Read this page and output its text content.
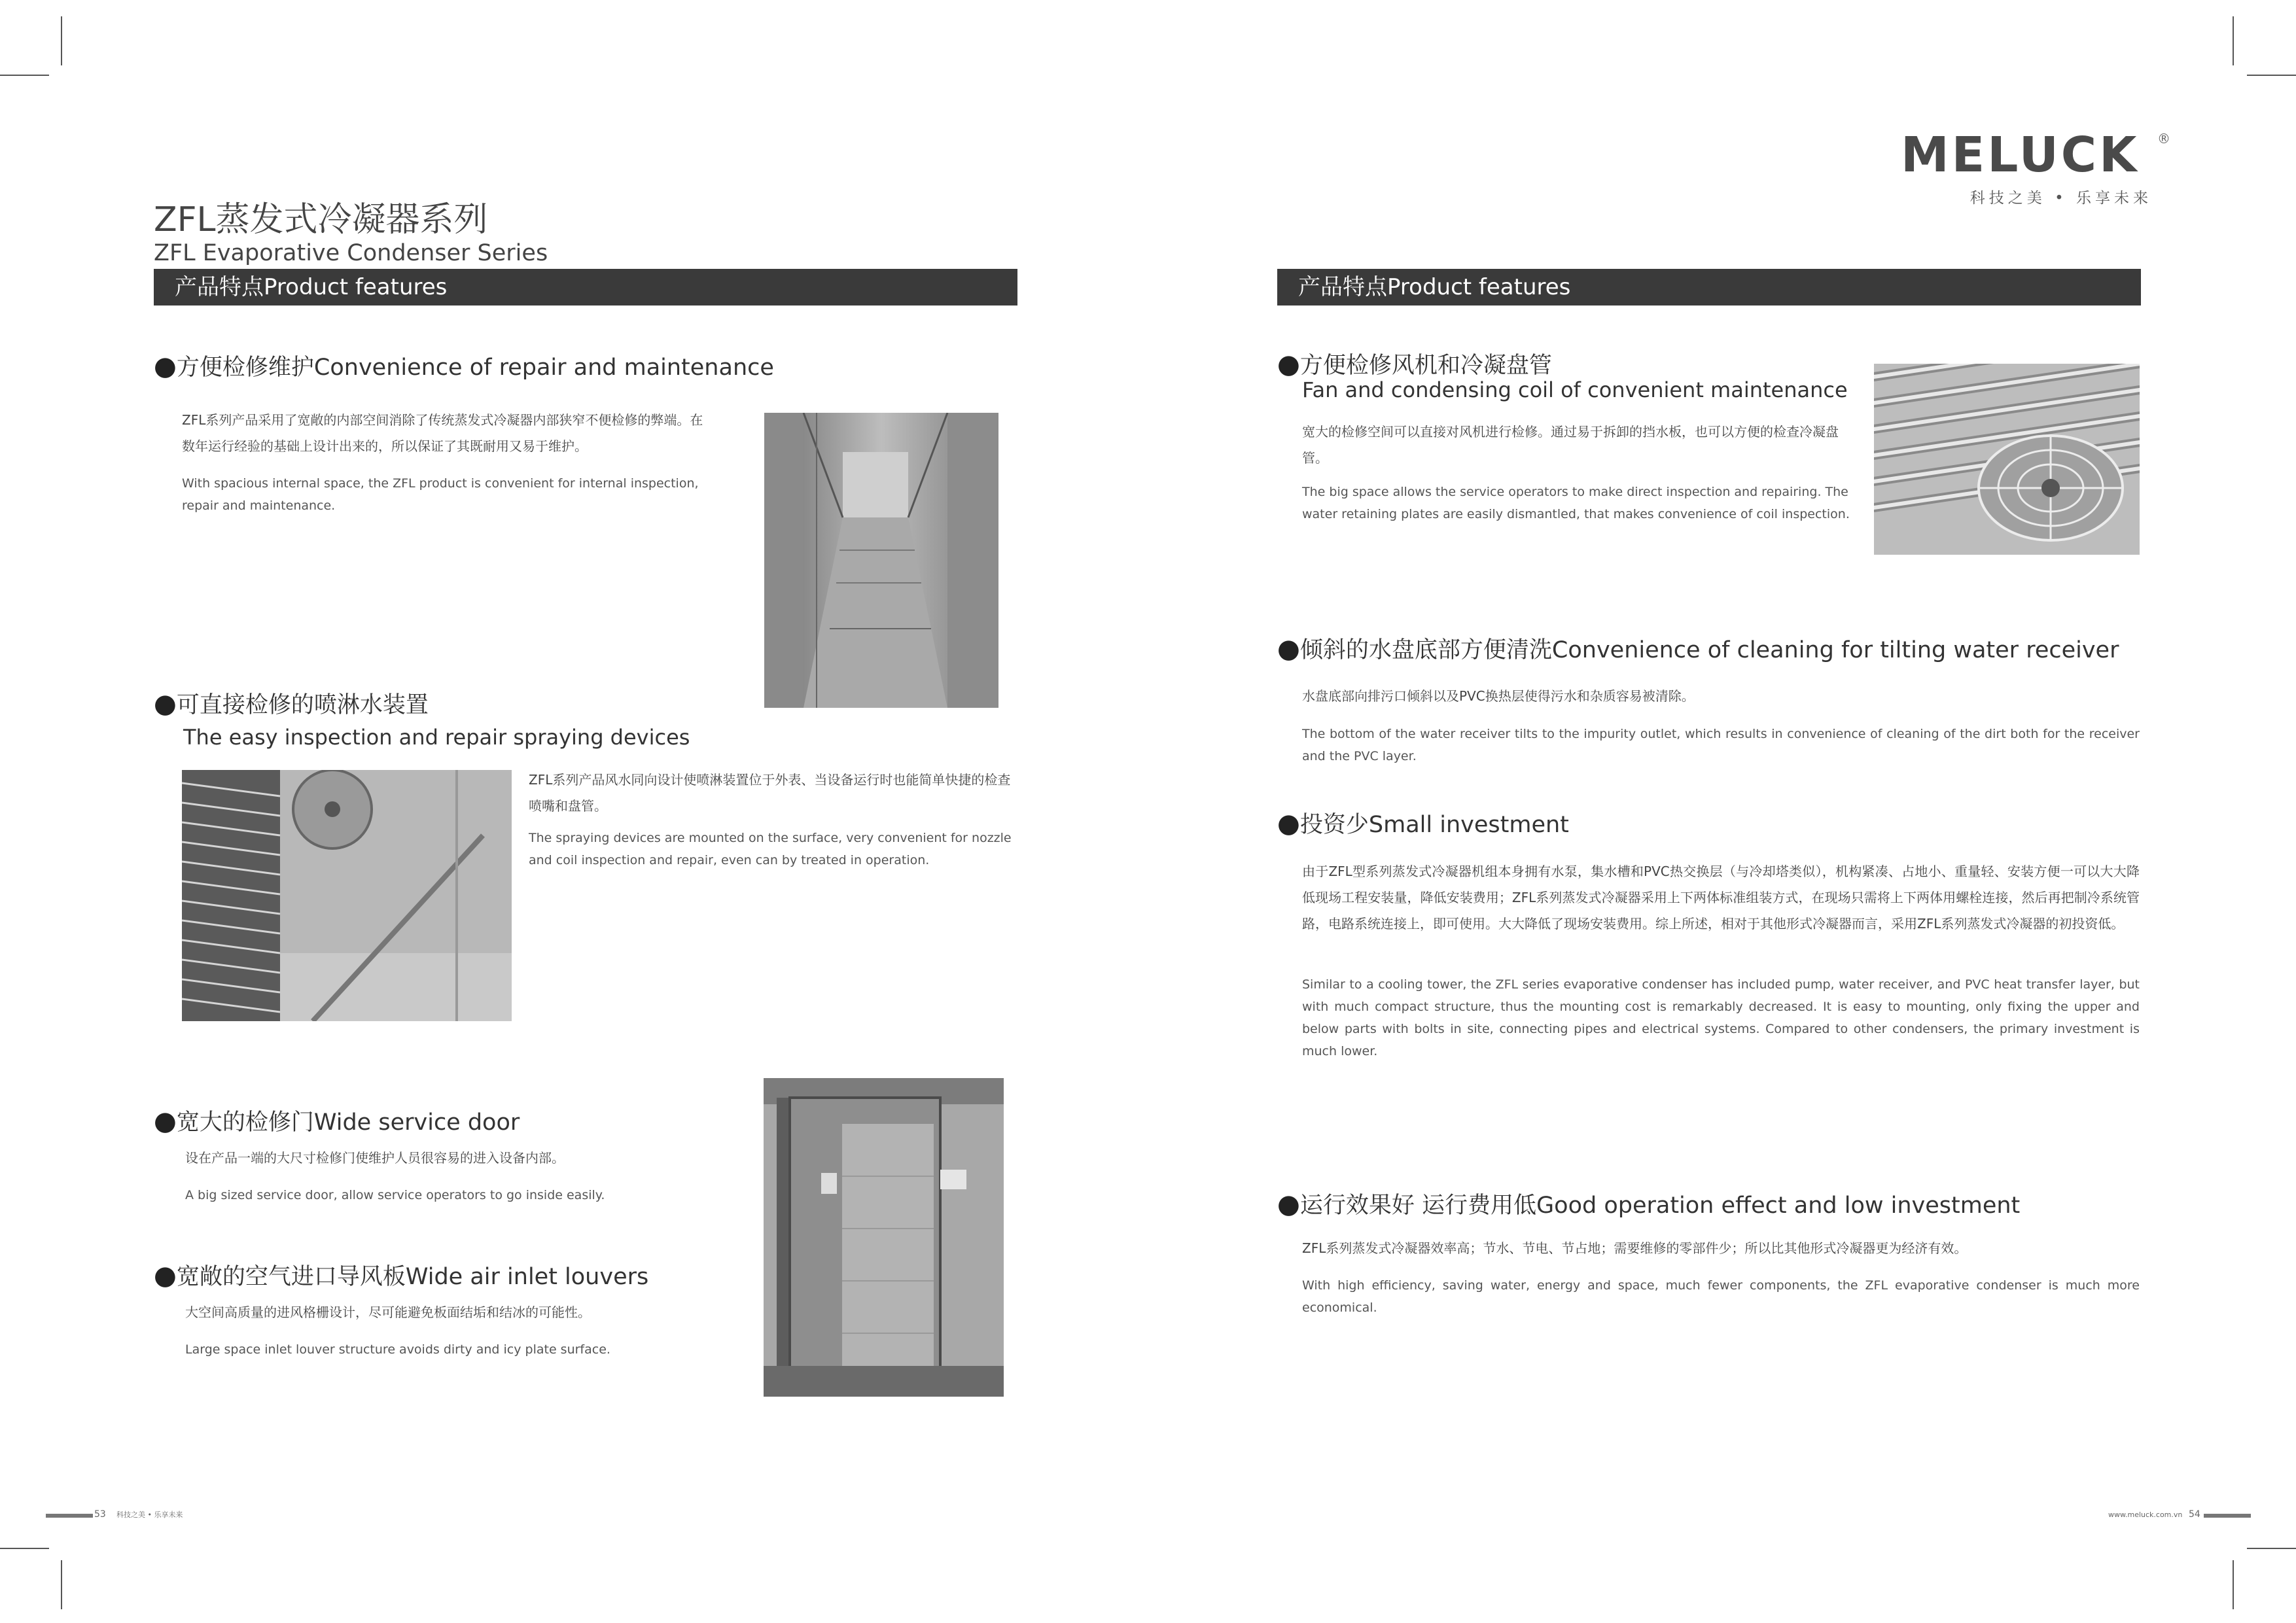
MELUCK	®
科技之美 • 乐享未来
ZFL蒸发式冷凝器系列
ZFL Evaporative Condenser Series
产品特点Product features	产品特点Product features
●方便检修维护Convenience of repair and maintenance
ZFL系列产品采用了宽敞的内部空间消除了传统蒸发式冷凝器内部狭窄不便检修的弊端。在数年运行经验的基础上设计出来的，所以保证了其既耐用又易于维护。
With spacious internal space, the ZFL product is convenient for internal inspection, repair and maintenance.
●可直接检修的喷淋水装置
The easy inspection and repair spraying devices
ZFL系列产品风水同向设计使喷淋装置位于外表、当设备运行时也能简单快捷的检查喷嘴和盘管。
The spraying devices are mounted on the surface, very convenient for nozzle and coil inspection and repair, even can by treated in operation.
●宽大的检修门Wide service door
设在产品一端的大尺寸检修门使维护人员很容易的进入设备内部。
A big sized service door, allow service operators to go inside easily.
●宽敞的空气进口导风板Wide air inlet louvers
大空间高质量的进风格栅设计，尽可能避免板面结垢和结冰的可能性。
Large space inlet louver structure avoids dirty and icy plate surface.
53 科技之美 • 乐享未来
●方便检修风机和冷凝盘管
Fan and condensing coil of convenient maintenance
宽大的检修空间可以直接对风机进行检修。通过易于拆卸的挡水板，也可以方便的检查冷凝盘管。
The big space allows the service operators to make direct inspection and repairing. The water retaining plates are easily dismantled, that makes convenience of coil inspection.
●倾斜的水盘底部方便清洗Convenience of cleaning for tilting water receiver
水盘底部向排污口倾斜以及PVC换热层使得污水和杂质容易被清除。
The bottom of the water receiver tilts to the impurity outlet, which results in convenience of cleaning of the dirt both for the receiver and the PVC layer.
●投资少Small investment
由于ZFL型系列蒸发式冷凝器机组本身拥有水泵，集水槽和PVC热交换层（与冷却塔类似），机构紧凑、占地小、重量轻、安装方便一可以大大降低现场工程安装量，降低安装费用；ZFL系列蒸发式冷凝器采用上下两体标准组装方式，在现场只需将上下两体用螺栓连接，然后再把制冷系统管路，电路系统连接上，即可使用。大大降低了现场安装费用。综上所述，相对于其他形式冷凝器而言，采用ZFL系列蒸发式冷凝器的初投资低。
Similar to a cooling tower, the ZFL series evaporative condenser has included pump, water receiver, and PVC heat transfer layer, but with much compact structure, thus the mounting cost is remarkably decreased. It is easy to mounting, only fixing the upper and below parts with bolts in site, connecting pipes and electrical systems. Compared to other condensers, the primary investment is much lower.
●运行效果好 运行费用低Good operation effect and low investment
ZFL系列蒸发式冷凝器效率高；节水、节电、节占地；需要维修的零部件少；所以比其他形式冷凝器更为经济有效。
With high efficiency, saving water, energy and space, much fewer components, the ZFL evaporative condenser is much more economical.
www.meluck.com.vn 54
